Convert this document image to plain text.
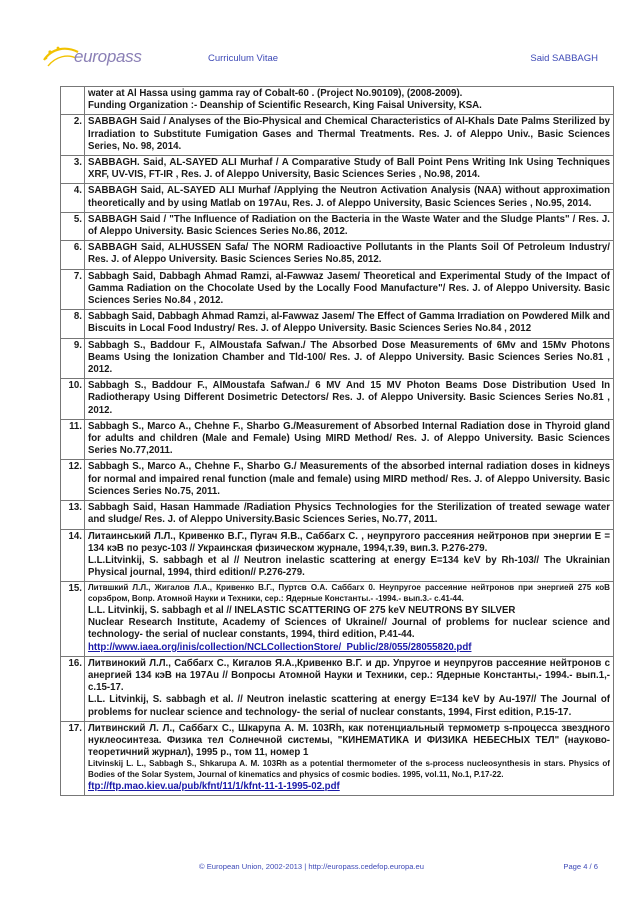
europass	Curriculum Vitae	Said SABBAGH

	water at Al Hassa using gamma ray of Cobalt-60 . (Project No.90109), (2008-2009).
Funding Organization :- Deanship of Scientific Research, King Faisal University, KSA.

2.	SABBAGH Said / Analyses of the Bio-Physical and Chemical Characteristics of Al-Khals Date Palms Sterilized by Irradiation to Substitute Fumigation Gases and Thermal Treatments. Res. J. of Aleppo Univ., Basic Sciences Series, No. 98, 2014.

3.	SABBAGH. Said, AL-SAYED ALI Murhaf / A Comparative Study of Ball Point Pens Writing Ink Using Techniques XRF, UV-VIS, FT-IR , Res. J. of Aleppo University, Basic Sciences Series , No.98, 2014.

4.	SABBAGH Said, AL-SAYED ALI Murhaf /Applying the Neutron Activation Analysis (NAA) without approximation theoretically and by using Matlab on 197Au, Res. J. of Aleppo University, Basic Sciences Series , No.95, 2014.

5.	SABBAGH Said / "The Influence of Radiation on the Bacteria in the Waste Water and the Sludge Plants" / Res. J. of Aleppo University. Basic Sciences Series No.86, 2012.

6.	SABBAGH Said, ALHUSSEN Safa/ The NORM Radioactive Pollutants in the Plants Soil Of Petroleum Industry/ Res. J. of Aleppo University. Basic Sciences Series No.85, 2012.

7.	Sabbagh Said, Dabbagh Ahmad Ramzi, al-Fawwaz Jasem/ Theoretical and Experimental Study of the Impact of Gamma Radiation on the Chocolate Used by the Locally Food Manufacture"/ Res. J. of Aleppo University. Basic Sciences Series No.84 , 2012.

8.	Sabbagh Said, Dabbagh Ahmad Ramzi, al-Fawwaz Jasem/ The Effect of Gamma Irradiation on Powdered Milk and Biscuits in Local Food Industry/ Res. J. of Aleppo University. Basic Sciences Series No.84 , 2012

9.	Sabbagh S., Baddour F., AlMoustafa Safwan./ The Absorbed Dose Measurements of 6Mv and 15Mv Photons Beams Using the Ionization Chamber and Tld-100/ Res. J. of Aleppo University. Basic Sciences Series No.81 , 2012.

10.	Sabbagh S., Baddour F., AlMoustafa Safwan./ 6 MV And 15 MV Photon Beams Dose Distribution Used In Radiotherapy Using Different Dosimetric Detectors/ Res. J. of Aleppo University. Basic Sciences Series No.81 , 2012.

11.	Sabbagh S., Marco A., Chehne F., Sharbo G./Measurement of Absorbed Internal Radiation dose in Thyroid gland for adults and children (Male and Female) Using MIRD Method/ Res. J. of Aleppo University. Basic Sciences Series No.77,2011.

12.	Sabbagh S., Marco A., Chehne F., Sharbo G./ Measurements of the absorbed internal radiation doses in kidneys for normal and impaired renal function (male and female) using MIRD method/ Res. J. of Aleppo University. Basic Sciences Series No.75, 2011.

13.	Sabbagh Said, Hasan Hammade /Radiation Physics Technologies for the Sterilization of treated sewage water and sludge/ Res. J. of Aleppo University.Basic Sciences Series, No.77, 2011.

14.	Литаинський Л.Л., Кривенко В.Г., Пугач Я.В., Саббагх С. , неупругого рассеяния нейтронов при энергии E = 134 кэВ по резус-103 // Украинская физическом журнале, 1994,т.39, вип.3. Р.276-279.
L.L.Litvinkij, S. sabbagh et al // Neutron inelastic scattering at energy E=134 keV by Rh-103// The Ukrainian Physical journal, 1994, third edition// P.276-279.

15.	Литвшкий Л.Л., Жигалов Л.А., Кривенко В.Г., Пуртсв О.А. Саббагх 0. Неупругое рассеяние нейтронов при энергией 275 коВ сорэбром, Вопр. Атомной Науки и Техники, сер.: Ядерные Константы.- -1994.- вып.3.- с.41-44.
L.L. Litvinkij, S. sabbagh et al // INELASTIC SCATTERING OF 275 keV NEUTRONS BY SILVER
Nuclear Research Institute, Academy of Sciences of Ukraine// Journal of problems for nuclear science and technology- the serial of nuclear constants, 1994, third edition, P.41-44.
http://www.iaea.org/inis/collection/NCLCollectionStore/_Public/28/055/28055820.pdf

16.	Литвинокий Л.Л., Саббагх С., Кигалов Я.А.,Кривенко В.Г. и др. Упругое и неупругов рассеяние нейтронов с анергией 134 кэВ на 197Au // Вопросы Атомной Науки и Техники, сер.: Ядерные Константы,- 1994.- вып.1,- с.15-17.
L.L. Litvinkij, S. sabbagh et al. // Neutron inelastic scattering at energy E=134 keV by Au-197// The Journal of problems for nuclear science and technology- the serial of nuclear constants, 1994, First edition, P.15-17.

17.	Литвинский Л. Л., Саббагх С., Шкарупа А. М. 103Rh, как потенциальный термометр s-процесса звездного нуклеосинтеза. Физика тел Солнечной системы, "КИНЕМАТИКА И ФИЗИКА НЕБЕСНЫХ ТЕЛ" (науково-теоретичний журнал), 1995 р., том 11, номер 1
Litvinskij L. L., Sabbagh S., Shkarupa A. M. 103Rh as a potential thermometer of the s-process nucleosynthesis in stars. Physics of Bodies of the Solar System, Journal of kinematics and physics of cosmic bodies. 1995, vol.11, No.1, P.17-22.
ftp://ftp.mao.kiev.ua/pub/kfnt/11/1/kfnt-11-1-1995-02.pdf
© European Union, 2002-2013 | http://europass.cedefop.europa.eu	Page 4 / 6
